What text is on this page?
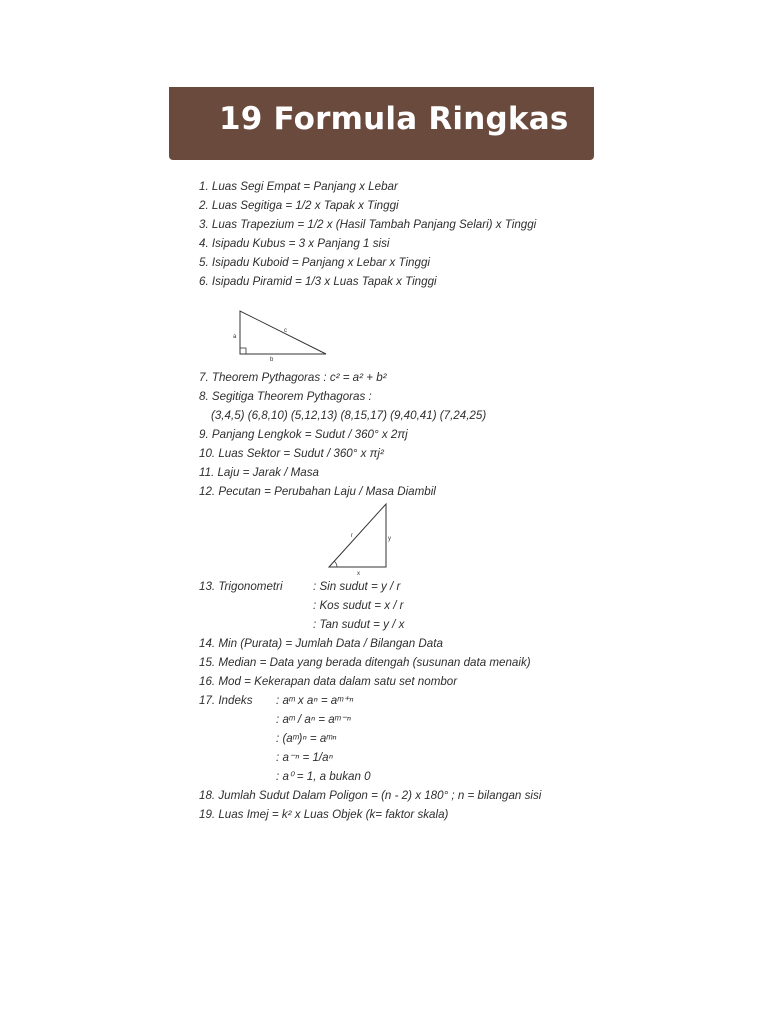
19 Formula Ringkas
1. Luas Segi Empat = Panjang x Lebar
2. Luas Segitiga = 1/2 x Tapak x Tinggi
3. Luas Trapezium = 1/2 x (Hasil Tambah Panjang Selari) x Tinggi
4. Isipadu Kubus = 3 x Panjang 1 sisi
5. Isipadu Kuboid = Panjang x Lebar x Tinggi
6. Isipadu Piramid = 1/3 x Luas Tapak x Tinggi
a
c
b
7. Theorem Pythagoras : c² = a² + b²
8. Segitiga Theorem Pythagoras :
(3,4,5) (6,8,10) (5,12,13) (8,15,17) (9,40,41) (7,24,25)
9. Panjang Lengkok = Sudut / 360° x 2πj
10. Luas Sektor = Sudut / 360° x πj²
11. Laju = Jarak / Masa
12. Pecutan = Perubahan Laju / Masa Diambil
r	y
x
13. Trigonometri	: Sin sudut = y / r
: Kos sudut = x / r
: Tan sudut = y / x
14. Min (Purata) = Jumlah Data / Bilangan Data
15. Median = Data yang berada ditengah (susunan data menaik)
16. Mod = Kekerapan data dalam satu set nombor
17. Indeks : aᵐ x aⁿ = aᵐ⁺ⁿ
: aᵐ / aⁿ = aᵐ⁻ⁿ
: (aᵐ)ⁿ = aᵐⁿ
: a⁻ⁿ = 1/aⁿ
: a⁰ = 1, a bukan 0
18. Jumlah Sudut Dalam Poligon = (n - 2) x 180° ; n = bilangan sisi
19. Luas Imej = k² x Luas Objek (k= faktor skala)
